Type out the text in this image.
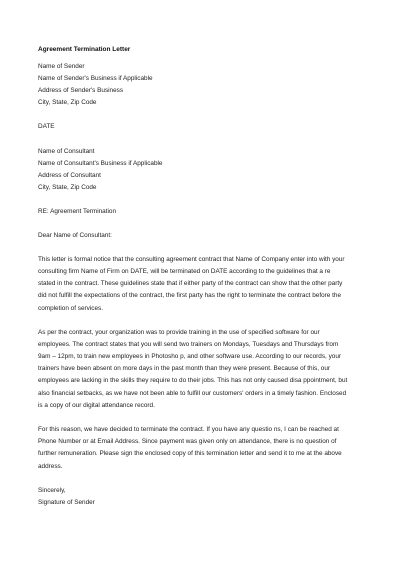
Agreement Termination Letter
Name of Sender
Name of Sender's Business if Applicable
Address of Sender's Business
City, State, Zip Code
DATE
Name of Consultant
Name of Consultant's Business if Applicable
Address of Consultant
City, State, Zip Code
RE: Agreement Termination
Dear Name of Consultant:
This letter is formal notice that the consulting agreement contract that Name of Company enter into with your
consulting firm Name of Firm on DATE, will be terminated on DATE according to the guidelines that a re
stated in the contract. These guidelines state that if either party of the contract can show that the other party
did not fulfill the expectations of the contract, the first party has the right to terminate the contract before the
completion of services.
As per the contract, your organization was to provide training in the use of specified software for our
employees. The contract states that you will send two trainers on Mondays, Tuesdays and Thursdays from
9am – 12pm, to train new employees in Photosho p, and other software use. According to our records, your
trainers have been absent on more days in the past month than they were present. Because of this, our
employees are lacking in the skills they require to do their jobs. This has not only caused disa ppointment, but
also financial setbacks, as we have not been able to fulfill our customers' orders in a timely fashion. Enclosed
is a copy of our digital attendance record.
For this reason, we have decided to terminate the contract. If you have any questio ns, I can be reached at
Phone Number or at Email Address. Since payment was given only on attendance, there is no question of
further remuneration. Please sign the enclosed copy of this termination letter and send it to me at the above
address.
Sincerely,
Signature of Sender
